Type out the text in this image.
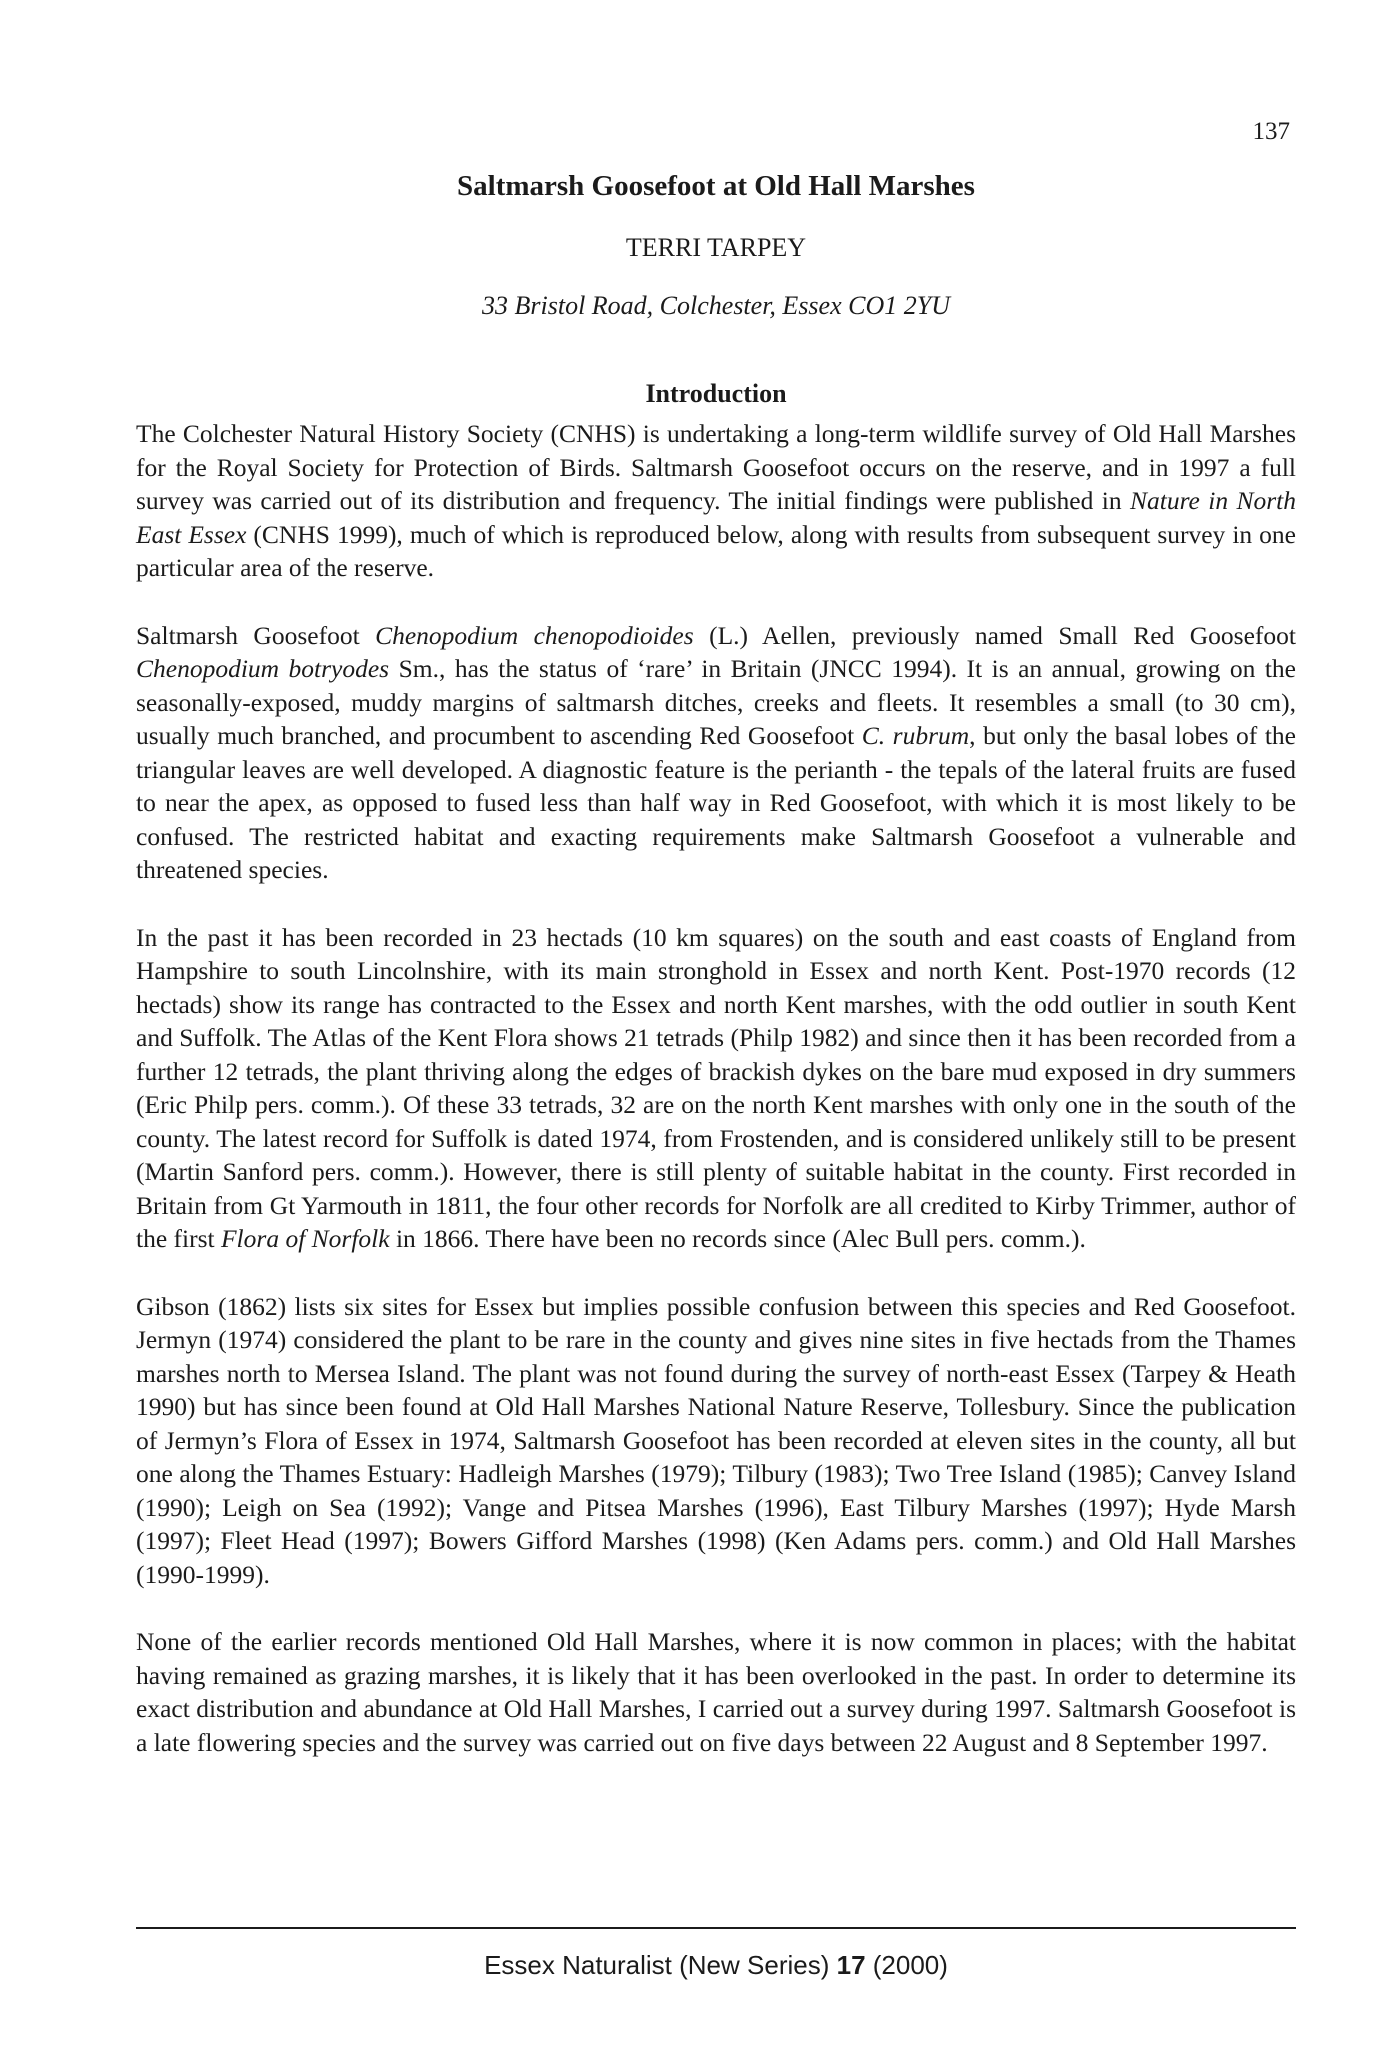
137
Saltmarsh Goosefoot at Old Hall Marshes
TERRI TARPEY
33 Bristol Road, Colchester, Essex CO1 2YU
Introduction

The Colchester Natural History Society (CNHS) is undertaking a long-term wildlife survey of Old Hall Marshes for the Royal Society for Protection of Birds. Saltmarsh Goosefoot occurs on the reserve, and in 1997 a full survey was carried out of its distribution and frequency. The initial findings were published in Nature in North East Essex (CNHS 1999), much of which is reproduced below, along with results from subsequent survey in one particular area of the reserve.

Saltmarsh Goosefoot Chenopodium chenopodioides (L.) Aellen, previously named Small Red Goosefoot Chenopodium botryodes Sm., has the status of ‘rare’ in Britain (JNCC 1994). It is an annual, growing on the seasonally-exposed, muddy margins of saltmarsh ditches, creeks and fleets. It resembles a small (to 30 cm), usually much branched, and procumbent to ascending Red Goosefoot C. rubrum, but only the basal lobes of the triangular leaves are well developed. A diagnostic feature is the perianth - the tepals of the lateral fruits are fused to near the apex, as opposed to fused less than half way in Red Goosefoot, with which it is most likely to be confused. The restricted habitat and exacting requirements make Saltmarsh Goosefoot a vulnerable and threatened species.

In the past it has been recorded in 23 hectads (10 km squares) on the south and east coasts of England from Hampshire to south Lincolnshire, with its main stronghold in Essex and north Kent. Post-1970 records (12 hectads) show its range has contracted to the Essex and north Kent marshes, with the odd outlier in south Kent and Suffolk. The Atlas of the Kent Flora shows 21 tetrads (Philp 1982) and since then it has been recorded from a further 12 tetrads, the plant thriving along the edges of brackish dykes on the bare mud exposed in dry summers (Eric Philp pers. comm.). Of these 33 tetrads, 32 are on the north Kent marshes with only one in the south of the county. The latest record for Suffolk is dated 1974, from Frostenden, and is considered unlikely still to be present (Martin Sanford pers. comm.). However, there is still plenty of suitable habitat in the county. First recorded in Britain from Gt Yarmouth in 1811, the four other records for Norfolk are all credited to Kirby Trimmer, author of the first Flora of Norfolk in 1866. There have been no records since (Alec Bull pers. comm.).

Gibson (1862) lists six sites for Essex but implies possible confusion between this species and Red Goosefoot. Jermyn (1974) considered the plant to be rare in the county and gives nine sites in five hectads from the Thames marshes north to Mersea Island. The plant was not found during the survey of north-east Essex (Tarpey & Heath 1990) but has since been found at Old Hall Marshes National Nature Reserve, Tollesbury. Since the publication of Jermyn’s Flora of Essex in 1974, Saltmarsh Goosefoot has been recorded at eleven sites in the county, all but one along the Thames Estuary: Hadleigh Marshes (1979); Tilbury (1983); Two Tree Island (1985); Canvey Island (1990); Leigh on Sea (1992); Vange and Pitsea Marshes (1996), East Tilbury Marshes (1997); Hyde Marsh (1997); Fleet Head (1997); Bowers Gifford Marshes (1998) (Ken Adams pers. comm.) and Old Hall Marshes (1990-1999).

None of the earlier records mentioned Old Hall Marshes, where it is now common in places; with the habitat having remained as grazing marshes, it is likely that it has been overlooked in the past. In order to determine its exact distribution and abundance at Old Hall Marshes, I carried out a survey during 1997. Saltmarsh Goosefoot is a late flowering species and the survey was carried out on five days between 22 August and 8 September 1997.

Essex Naturalist (New Series) 17 (2000)
